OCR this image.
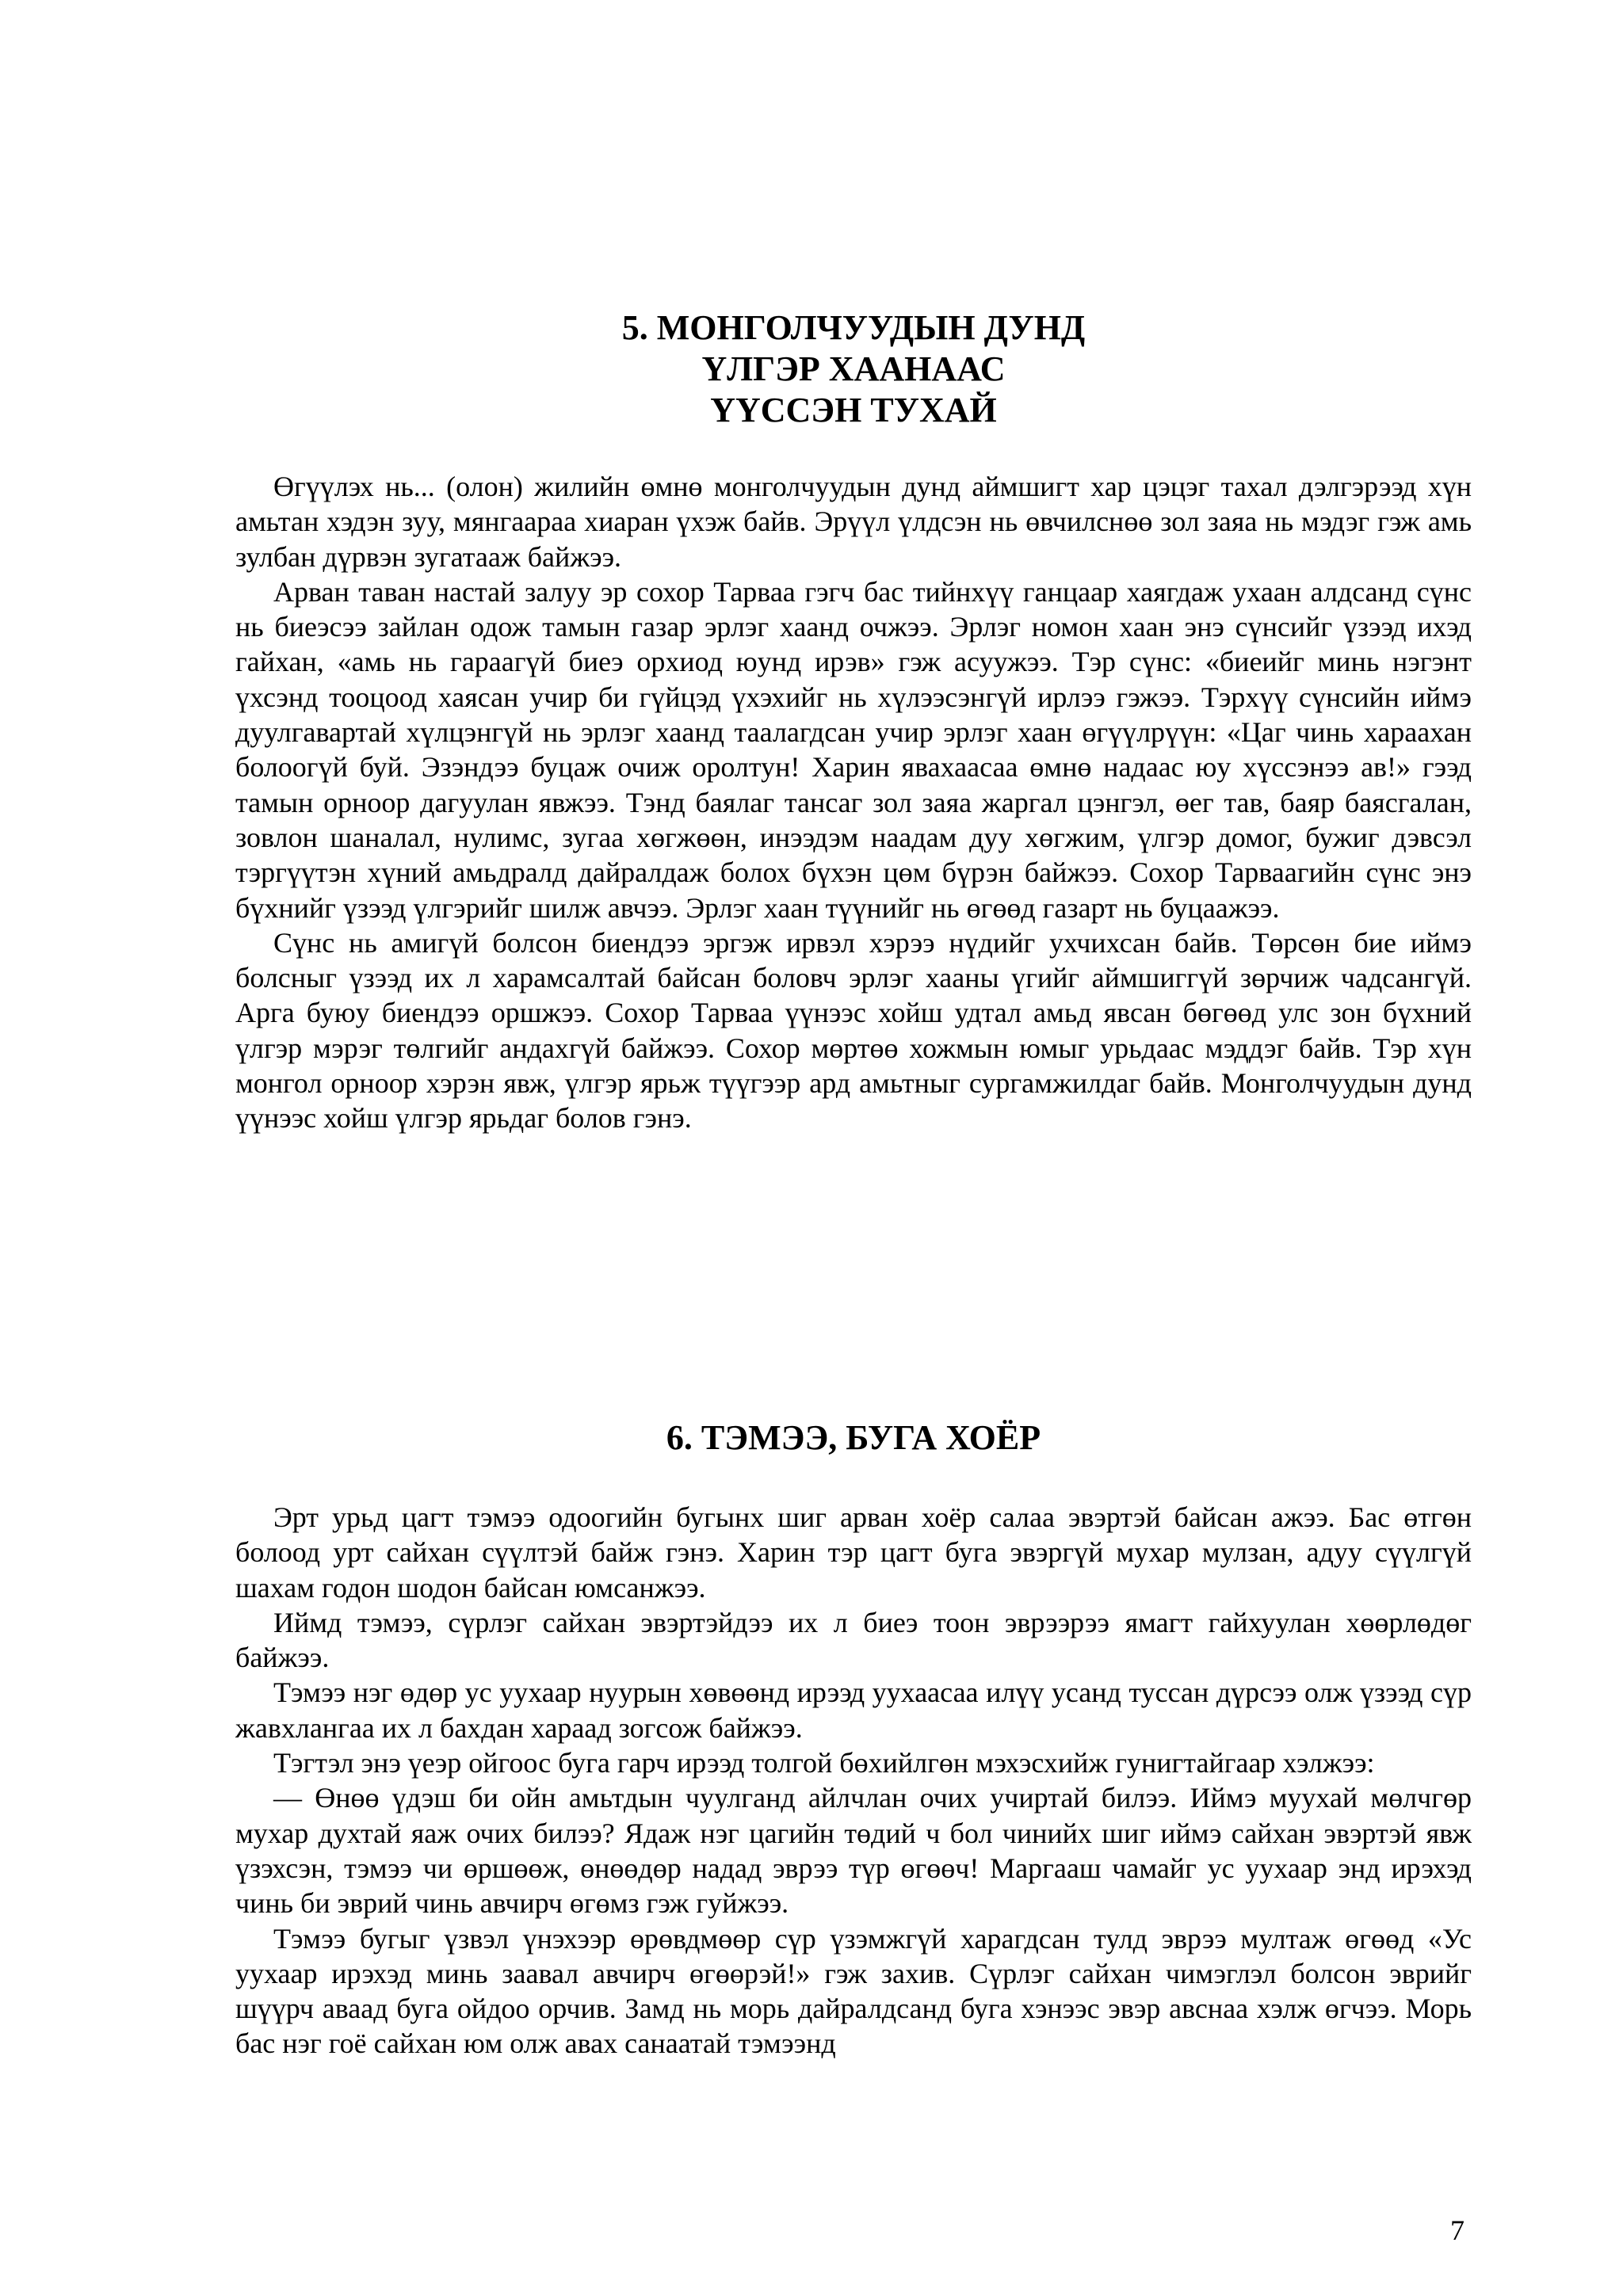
5. МОНГОЛЧУУДЫН ДУНД
ҮЛГЭР ХААНААС
ҮҮССЭН ТУХАЙ

Өгүүлэх нь... (олон) жилийн өмнө монголчуудын дунд аймшигт хар цэцэг тахал дэлгэрээд хүн амьтан хэдэн зуу, мянгаараа хиаран үхэж байв. Эрүүл үлдсэн нь өвчилснөө зол заяа нь мэдэг гэж амь зулбан дүрвэн зугатааж байжээ.

Арван таван настай залуу эр сохор Тарваа гэгч бас тийнхүү ганцаар хаягдаж ухаан алдсанд сүнс нь биеэсээ зайлан одож тамын газар эрлэг хаанд очжээ. Эрлэг номон хаан энэ сүнсийг үзээд ихэд гайхан, «амь нь гараагүй биеэ орхиод юунд ирэв» гэж асуужээ. Тэр сүнс: «биеийг минь нэгэнт үхсэнд тооцоод хаясан учир би гүйцэд үхэхийг нь хүлээсэнгүй ирлээ гэжээ. Тэрхүү сүнсийн иймэ дуулгавартай хүлцэнгүй нь эрлэг хаанд таалагдсан учир эрлэг хаан өгүүлрүүн: «Цаг чинь хараахан болоогүй буй. Эзэндээ буцаж очиж оролтун! Харин явахаасаа өмнө надаас юу хүссэнээ ав!» гээд тамын орноор дагуулан явжээ. Тэнд баялаг тансаг зол заяа жаргал цэнгэл, өег тав, баяр баясгалан, зовлон шаналал, нулимс, зугаа хөгжөөн, инээдэм наадам дуу хөгжим, үлгэр домог, бужиг дэвсэл тэргүүтэн хүний амьдралд дайралдаж болох бүхэн цөм бүрэн байжээ. Сохор Тарваагийн сүнс энэ бүхнийг үзээд үлгэрийг шилж авчээ. Эрлэг хаан түүнийг нь өгөөд газарт нь буцаажээ.

Сүнс нь амигүй болсон биендээ эргэж ирвэл хэрээ нүдийг ухчихсан байв. Төрсөн бие иймэ болсныг үзээд их л харамсалтай байсан боловч эрлэг хааны үгийг аймшиггүй зөрчиж чадсангүй. Арга буюу биендээ оршжээ. Сохор Тарваа үүнээс хойш удтал амьд явсан бөгөөд улс зон бүхний үлгэр мэрэг төлгийг андахгүй байжээ. Сохор мөртөө хожмын юмыг урьдаас мэддэг байв. Тэр хүн монгол орноор хэрэн явж, үлгэр ярьж түүгээр ард амьтныг сургамжилдаг байв. Монголчуудын дунд үүнээс хойш үлгэр ярьдаг болов гэнэ.

6. ТЭМЭЭ, БУГА ХОЁР

Эрт урьд цагт тэмээ одоогийн бугынх шиг арван хоёр салаа эвэртэй байсан ажээ. Бас өтгөн болоод урт сайхан сүүлтэй байж гэнэ. Харин тэр цагт буга эвэргүй мухар мулзан, адуу сүүлгүй шахам годон шодон байсан юмсанжээ.

Иймд тэмээ, сүрлэг сайхан эвэртэйдээ их л биеэ тоон эврээрээ ямагт гайхуулан хөөрлөдөг байжээ.

Тэмээ нэг өдөр ус уухаар нуурын хөвөөнд ирээд уухаасаа илүү усанд туссан дүрсээ олж үзээд сүр жавхлангаа их л бахдан хараад зогсож байжээ.

Тэгтэл энэ үеэр ойгоос буга гарч ирээд толгой бөхийлгөн мэхэсхийж гунигтайгаар хэлжээ:

— Өнөө үдэш би ойн амьтдын чуулганд айлчлан очих учиртай билээ. Иймэ муухай мөлчгөр мухар духтай яаж очих билээ? Ядаж нэг цагийн төдий ч бол чинийх шиг иймэ сайхан эвэртэй явж үзэхсэн, тэмээ чи өршөөж, өнөөдөр надад эврээ түр өгөөч! Маргааш чамайг ус уухаар энд ирэхэд чинь би эврий чинь авчирч өгөмз гэж гуйжээ.

Тэмээ бугыг үзвэл үнэхээр өрөвдмөөр сүр үзэмжгүй харагдсан тулд эврээ мултаж өгөөд «Ус уухаар ирэхэд минь заавал авчирч өгөөрэй!» гэж захив. Сүрлэг сайхан чимэглэл болсон эврийг шүүрч аваад буга ойдоо орчив. Замд нь морь дайралдсанд буга хэнээс эвэр авснаа хэлж өгчээ. Морь бас нэг гоё сайхан юм олж авах санаатай тэмээнд

7
